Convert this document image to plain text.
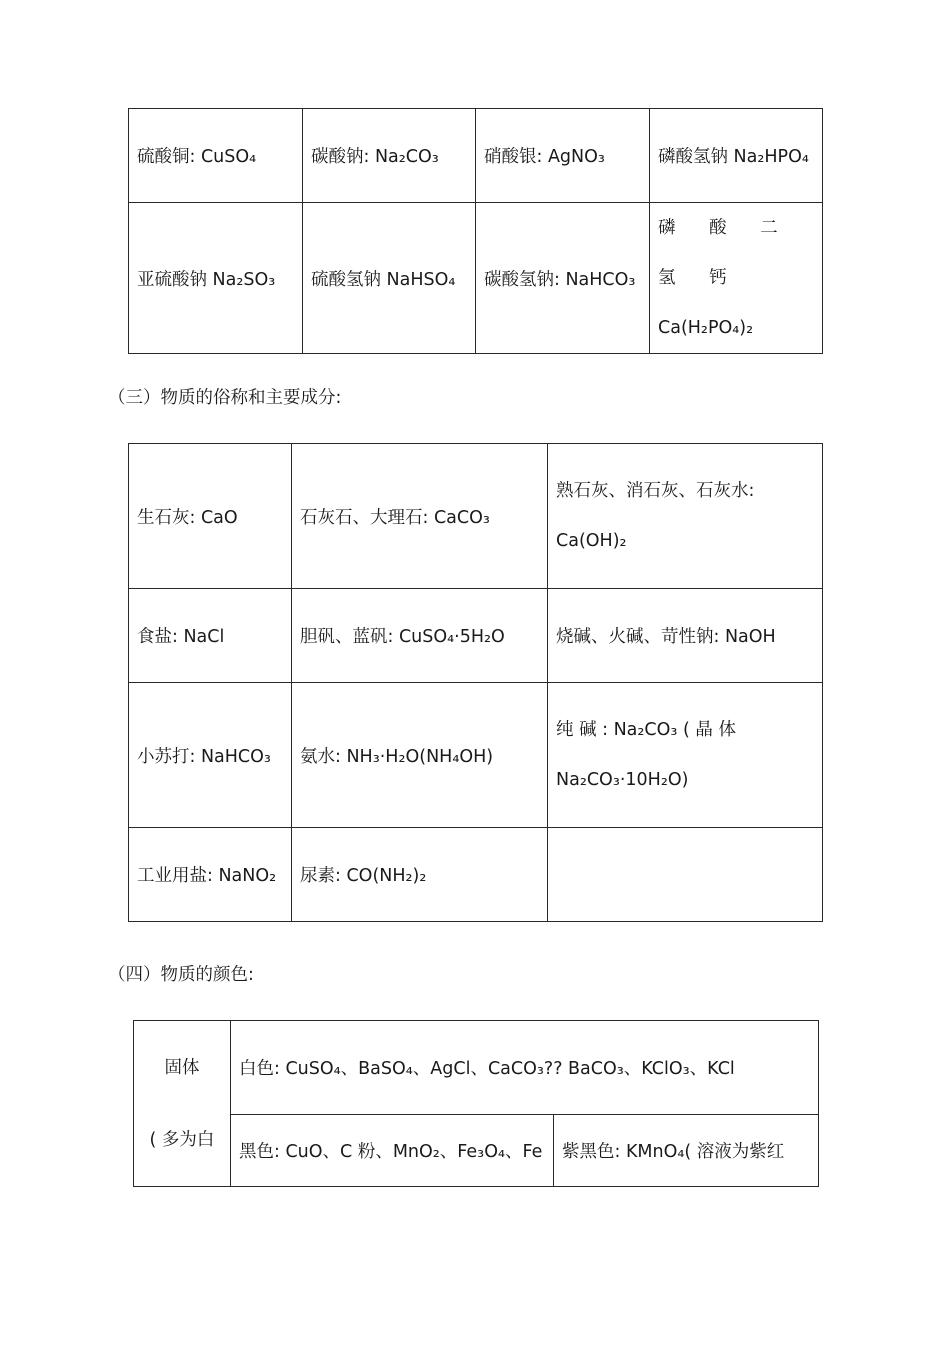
硫酸铜: CuSO₄	碳酸钠: Na₂CO₃	硝酸银: AgNO₃	磷酸氢钠 Na₂HPO₄
亚硫酸钠 Na₂SO₃	硫酸氢钠 NaHSO₄	碳酸氢钠: NaHCO₃	磷 酸 二 氢 钙
Ca(H₂PO₄)₂
（三）物质的俗称和主要成分:
生石灰: CaO	石灰石、大理石: CaCO₃	熟石灰、消石灰、石灰水:
Ca(OH)₂

食盐: NaCl	胆矾、蓝矾: CuSO₄·5H₂O	烧碱、火碱、苛性钠: NaOH
小苏打: NaHCO₃	氨水: NH₃·H₂O(NH₄OH)	纯 碱 : Na₂CO₃ ( 晶 体
Na₂CO₃·10H₂O)

工业用盐: NaNO₂	尿素: CO(NH₂)₂	
（四）物质的颜色:
固体
( 多为白	白色: CuSO₄、BaSO₄、AgCl、CaCO₃?? BaCO₃、KClO₃、KCl	
	黑色: CuO、C 粉、MnO₂、Fe₃O₄、Fe	紫黑色: KMnO₄( 溶液为紫红
